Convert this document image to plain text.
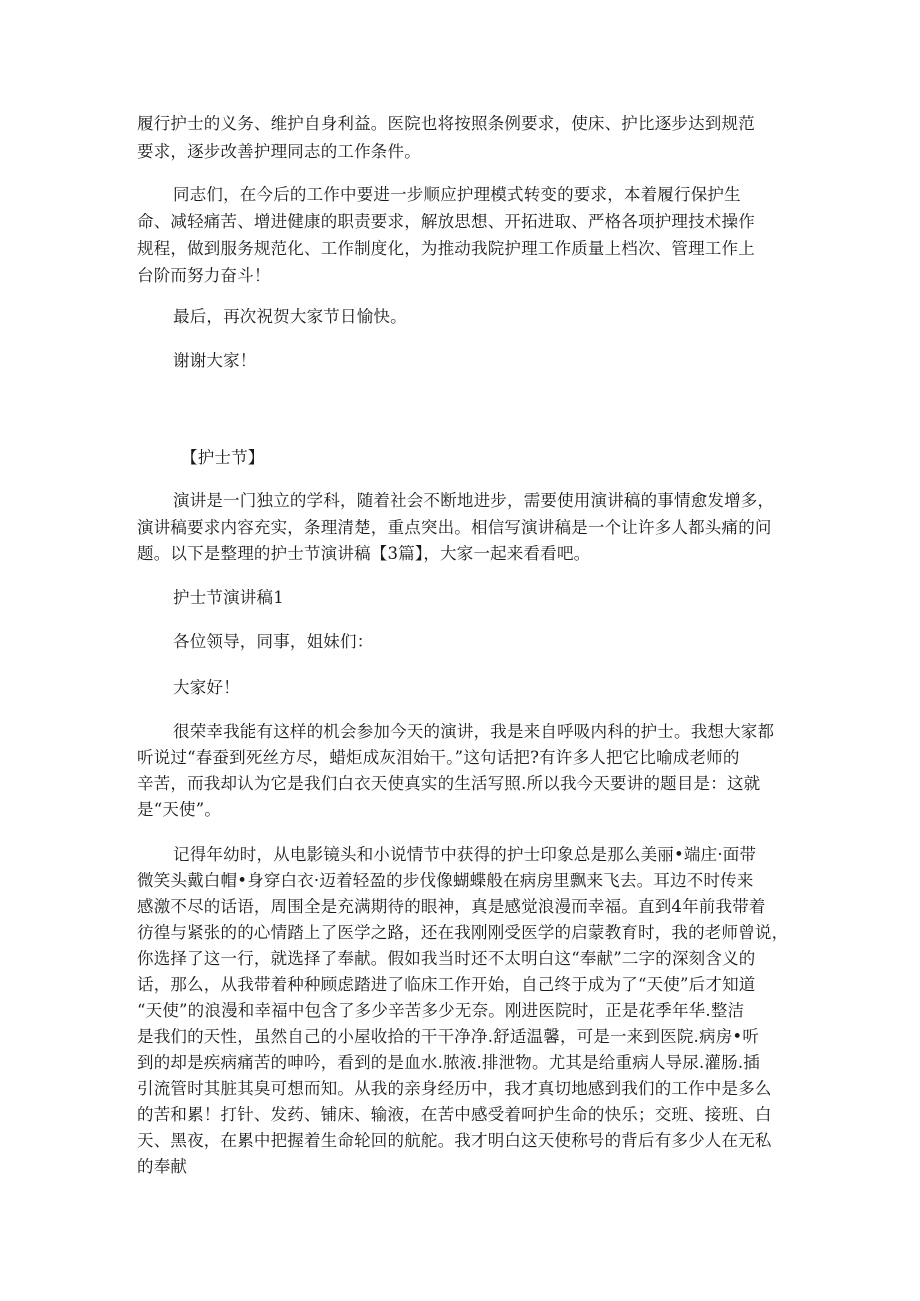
履行护士的义务、维护自身利益。医院也将按照条例要求，使床、护比逐步达到规范
要求，逐步改善护理同志的工作条件。
同志们，在今后的工作中要进一步顺应护理模式转变的要求，本着履行保护生
命、减轻痛苦、增进健康的职责要求，解放思想、开拓进取、严格各项护理技术操作
规程，做到服务规范化、工作制度化，为推动我院护理工作质量上档次、管理工作上
台阶而努力奋斗！
最后，再次祝贺大家节日愉快。
谢谢大家！
【护士节】
演讲是一门独立的学科，随着社会不断地进步，需要使用演讲稿的事情愈发增多，
演讲稿要求内容充实，条理清楚，重点突出。相信写演讲稿是一个让许多人都头痛的问
题。以下是整理的护士节演讲稿【3篇】，大家一起来看看吧。
护士节演讲稿1
各位领导，同事，姐妹们：
大家好！
很荣幸我能有这样的机会参加今天的演讲，我是来自呼吸内科的护士。我想大家都
听说过“春蚕到死丝方尽，蜡炬成灰泪始干。”这句话把?有许多人把它比喻成老师的
辛苦，而我却认为它是我们白衣天使真实的生活写照.所以我今天要讲的题目是：这就
是“天使”。
记得年幼时，从电影镜头和小说情节中获得的护士印象总是那么美丽•端庄·面带
微笑头戴白帽•身穿白衣·迈着轻盈的步伐像蝴蝶般在病房里飘来飞去。耳边不时传来
感激不尽的话语，周围全是充满期待的眼神，真是感觉浪漫而幸福。直到4年前我带着
彷徨与紧张的的心情踏上了医学之路，还在我刚刚受医学的启蒙教育时，我的老师曾说，
你选择了这一行，就选择了奉献。假如我当时还不太明白这“奉献”二字的深刻含义的
话，那么，从我带着种种顾虑踏进了临床工作开始，自己终于成为了“天使”后才知道
“天使”的浪漫和幸福中包含了多少辛苦多少无奈。刚进医院时，正是花季年华.整洁
是我们的天性，虽然自己的小屋收拾的干干净净.舒适温馨，可是一来到医院.病房•听
到的却是疾病痛苦的呻吟，看到的是血水.脓液.排泄物。尤其是给重病人导尿.灌肠.插
引流管时其脏其臭可想而知。从我的亲身经历中，我才真切地感到我们的工作中是多么
的苦和累！打针、发药、铺床、输液，在苦中感受着呵护生命的快乐；交班、接班、白
天、黑夜，在累中把握着生命轮回的航舵。我才明白这天使称号的背后有多少人在无私
的奉献
